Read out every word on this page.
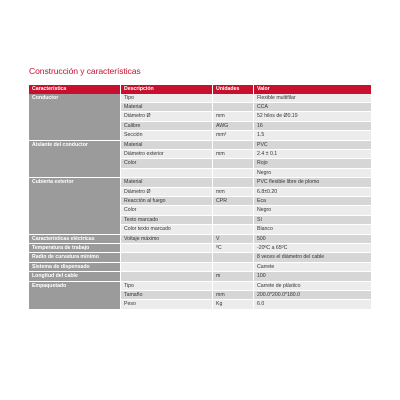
Construcción y características
Característica	Descripción	Unidades	Valor
Conductor	Tipo		Flexible multifilar
	Material		CCA
	Diámetro Ø	mm	52 hilos de Ø0.19
	Calibre	AWG	16
	Sección	mm²	1.5
Aislante del conductor	Material		PVC
	Diámetro exterior	mm	2.4 ± 0.1
	Color		Rojo
			Negro
Cubierta exterior	Material		PVC flexible libre de plomo
	Diámetro Ø	mm	6.8±0.20
	Reacción al fuego	CPR	Eca
	Color		Negro
	Texto marcado		Sí
	Color texto marcado		Blanco
Características eléctricas	Voltaje máximo	V	500
Temperatura de trabajo		ºC	-20ºC a 65ºC
Radio de curvatura mínimo			8 veces el diámetro del cable
Sistema de dispensado			Carrete
Longitud del cable		m	100
Empaquetado	Tipo		Carrete de plástico
	Tamaño	mm	200.0*200.0*180.0
	Peso	Kg	6.0
